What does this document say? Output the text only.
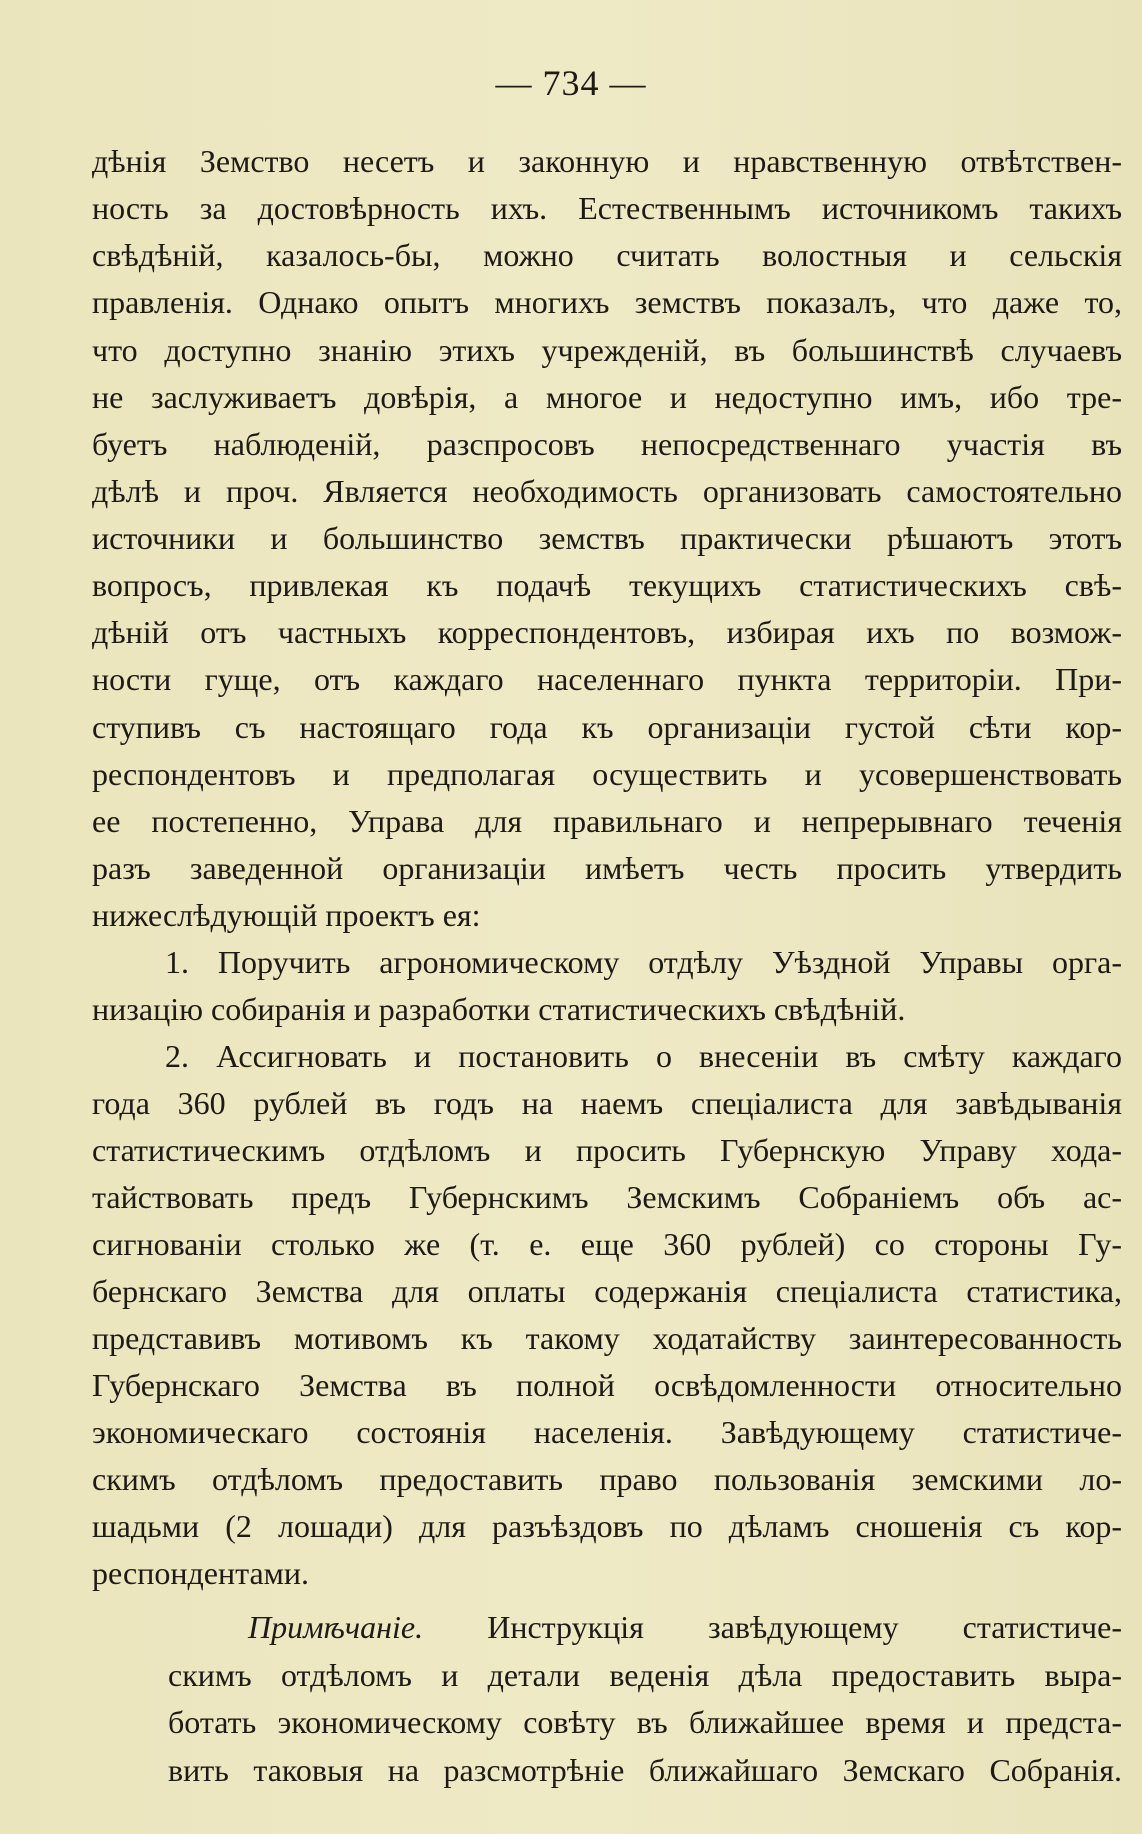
— 734 —
дѣнія Земство несетъ и законную и нравственную отвѣтствен-
ность за достовѣрность ихъ. Естественнымъ источникомъ такихъ
свѣдѣній, казалось-бы, можно считать волостныя и сельскія
правленія. Однако опытъ многихъ земствъ показалъ, что даже то,
что доступно знанію этихъ учрежденій, въ большинствѣ случаевъ
не заслуживаетъ довѣрія, а многое и недоступно имъ, ибо тре-
буетъ наблюденій, разспросовъ непосредственнаго участія въ
дѣлѣ и проч. Является необходимость организовать самостоятельно
источники и большинство земствъ практически рѣшаютъ этотъ
вопросъ, привлекая къ подачѣ текущихъ статистическихъ свѣ-
дѣній отъ частныхъ корреспондентовъ, избирая ихъ по возмож-
ности гуще, отъ каждаго населеннаго пункта территоріи. При-
ступивъ съ настоящаго года къ организаціи густой сѣти кор-
респондентовъ и предполагая осуществить и усовершенствовать
ее постепенно, Управа для правильнаго и непрерывнаго теченія
разъ заведенной организаціи имѣетъ честь просить утвердить
нижеслѣдующій проектъ ея:
1. Поручить агрономическому отдѣлу Уѣздной Управы орга-
низацію собиранія и разработки статистическихъ свѣдѣній.
2. Ассигновать и постановить о внесеніи въ смѣту каждаго
года 360 рублей въ годъ на наемъ спеціалиста для завѣдыванія
статистическимъ отдѣломъ и просить Губернскую Управу хода-
тайствовать предъ Губернскимъ Земскимъ Собраніемъ объ ас-
сигнованіи столько же (т. е. еще 360 рублей) со стороны Гу-
бернскаго Земства для оплаты содержанія спеціалиста статистика,
представивъ мотивомъ къ такому ходатайству заинтересованность
Губернскаго Земства въ полной освѣдомленности относительно
экономическаго состоянія населенія. Завѣдующему статистиче-
скимъ отдѣломъ предоставить право пользованія земскими ло-
шадьми (2 лошади) для разъѣздовъ по дѣламъ сношенія съ кор-
респондентами.
Примѣчаніе. Инструкція завѣдующему статистиче-
скимъ отдѣломъ и детали веденія дѣла предоставить выра-
ботать экономическому совѣту въ ближайшее время и предста-
вить таковыя на разсмотрѣніе ближайшаго Земскаго Собранія.
